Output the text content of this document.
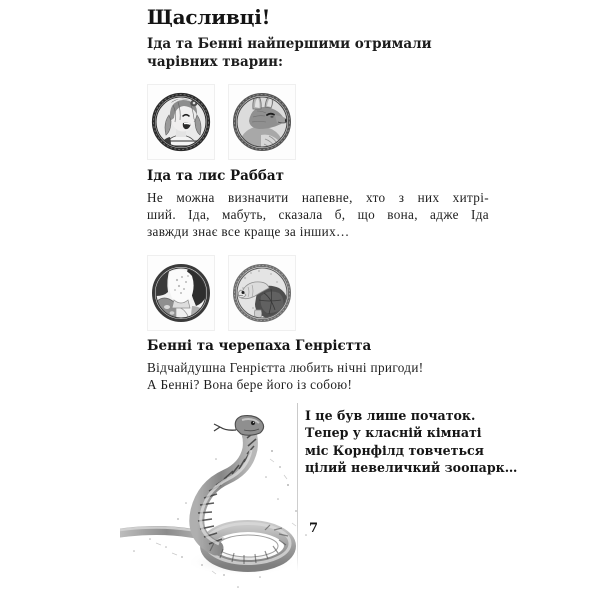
Щасливці!

Іда та Бенні найпершими отримали чарівних тварин:

Іда та лис Раббат
Не можна визначити напевне, хто з них хитрі-
ший. Іда, мабуть, сказала б, що вона, адже Іда
завжди знає все краще за інших…
Бенні та черепаха Генрієтта
Відчайдушна Генрієтта любить нічні пригоди!
А Бенні? Вона бере його із собою!
І це був лише початок.
Тепер у класній кімнаті
міс Корнфілд товчеться
цілий невеличкий зоопарк…
7
